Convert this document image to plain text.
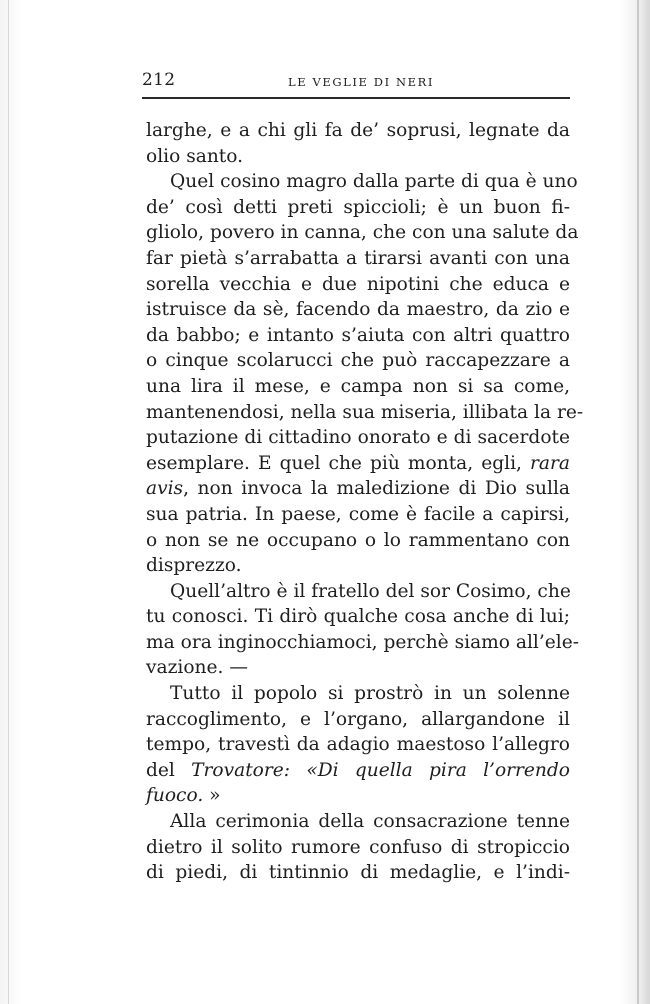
212	LE VEGLIE DI NERI
larghe, e a chi gli fa de’ soprusi, legnate da
olio santo.
Quel cosino magro dalla parte di qua è uno
de’ così detti preti spiccioli; è un buon fi-
gliolo, povero in canna, che con una salute da
far pietà s’arrabatta a tirarsi avanti con una
sorella vecchia e due nipotini che educa e
istruisce da sè, facendo da maestro, da zio e
da babbo; e intanto s’aiuta con altri quattro
o cinque scolarucci che può raccapezzare a
una lira il mese, e campa non si sa come,
mantenendosi, nella sua miseria, illibata la re-
putazione di cittadino onorato e di sacerdote
esemplare. E quel che più monta, egli, rara
avis, non invoca la maledizione di Dio sulla
sua patria. In paese, come è facile a capirsi,
o non se ne occupano o lo rammentano con
disprezzo.
Quell’altro è il fratello del sor Cosimo, che
tu conosci. Ti dirò qualche cosa anche di lui;
ma ora inginocchiamoci, perchè siamo all’ele-
vazione. —
Tutto il popolo si prostrò in un solenne
raccoglimento, e l’organo, allargandone il
tempo, travestì da adagio maestoso l’allegro
del Trovatore: «Di quella pira l’orrendo
fuoco. »
Alla cerimonia della consacrazione tenne
dietro il solito rumore confuso di stropiccio
di piedi, di tintinnio di medaglie, e l’indi-
